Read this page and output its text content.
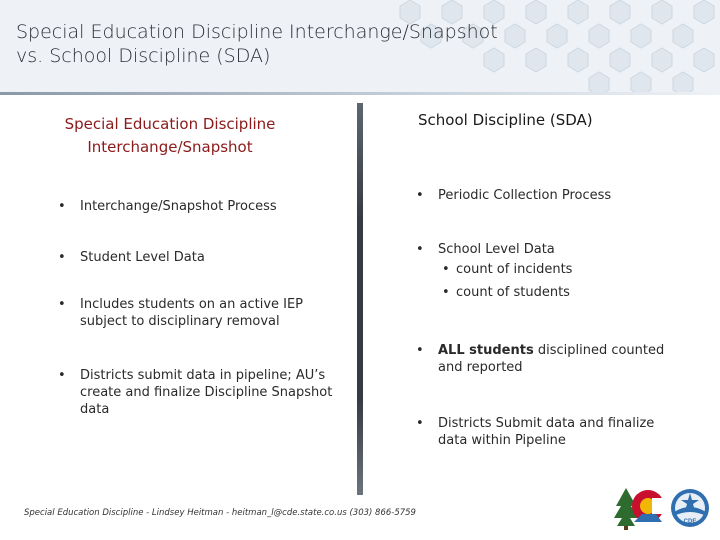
Special Education Discipline Interchange/Snapshot
vs. School Discipline (SDA)
Special Education Discipline
Interchange/Snapshot
• Interchange/Snapshot Process
• Student Level Data
• Includes students on an active IEP
subject to disciplinary removal
• Districts submit data in pipeline; AU’s
create and finalize Discipline Snapshot
data
School Discipline (SDA)
• Periodic Collection Process
• School Level Data
• count of incidents
• count of students
• ALL students disciplined counted
and reported
• Districts Submit data and finalize
data within Pipeline
Special Education Discipline - Lindsey Heitman - heitman_l@cde.state.co.us (303) 866-5759
CDE
